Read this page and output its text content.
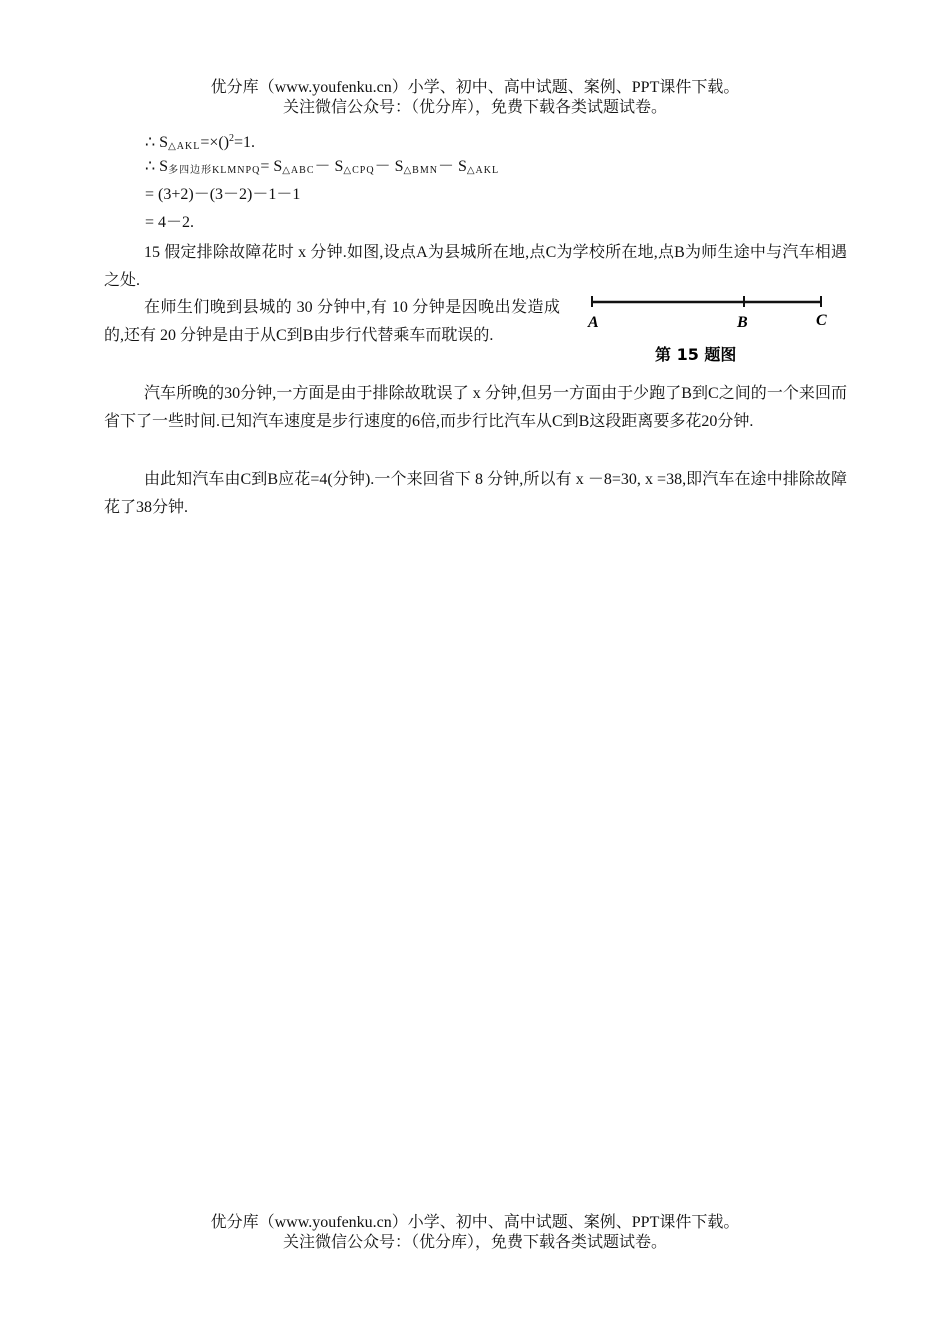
优分库（www.youfenku.cn）小学、初中、高中试题、案例、PPT课件下载。
关注微信公众号：（优分库），免费下载各类试题试卷。
∴ $S_{\triangle AKL}=\times()^2=1$.
∴ $S_{多四边形KLMNPQ}= S_{\triangle ABC}- S_{\triangle CPQ}- S_{\triangle BMN}- S_{\triangle AKL}$
= (3+2)－(3－2)－1－1
= 4－2.
15 假定排除故障花时 x 分钟.如图,设点A为县城所在地,点C为学校所在地,点B为师生途中与汽车相遇之处.
在师生们晚到县城的 30 分钟中,有 10 分钟是因晚出发造成的,还有 20 分钟是由于从C到B由步行代替乘车而耽误的.
A	B	C
第 15 题图
汽车所晚的30分钟,一方面是由于排除故耽误了 x 分钟,但另一方面由于少跑了B到C之间的一个来回而省下了一些时间.已知汽车速度是步行速度的6倍,而步行比汽车从C到B这段距离要多花20分钟.
由此知汽车由C到B应花=4(分钟).一个来回省下 8 分钟,所以有 x －8=30, x =38,即汽车在途中排除故障花了38分钟.
优分库（www.youfenku.cn）小学、初中、高中试题、案例、PPT课件下载。
关注微信公众号：（优分库），免费下载各类试题试卷。
